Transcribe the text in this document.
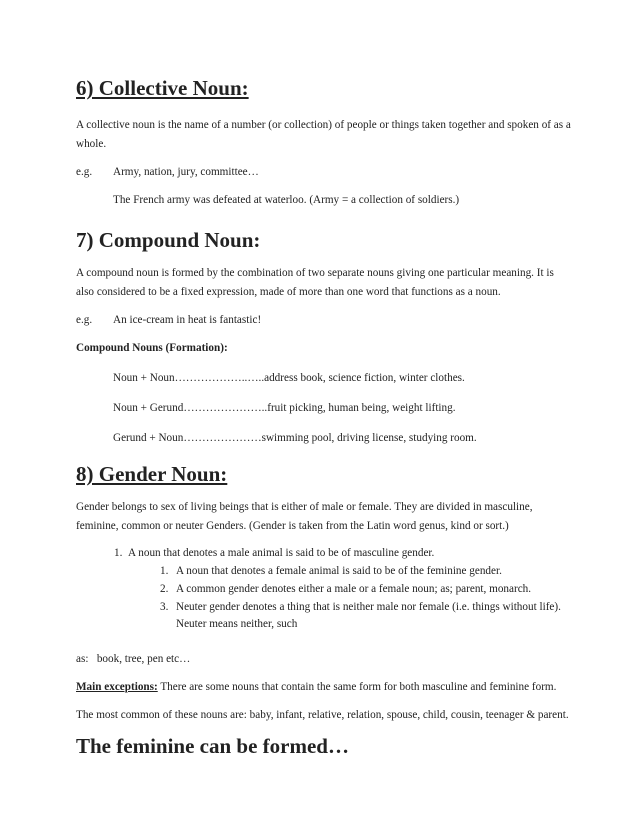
6) Collective Noun:
A collective noun is the name of a number (or collection) of people or things taken together and spoken of as a
whole.
e.g. Army, nation, jury, committee…
The French army was defeated at waterloo. (Army = a collection of soldiers.)
7) Compound Noun:
A compound noun is formed by the combination of two separate nouns giving one particular meaning. It is
also considered to be a fixed expression, made of more than one word that functions as a noun.
e.g. An ice-cream in heat is fantastic!
Compound Nouns (Formation):
Noun + Noun………………..…..address book, science fiction, winter clothes.
Noun + Gerund…………………..fruit picking, human being, weight lifting.
Gerund + Noun…………………swimming pool, driving license, studying room.
8) Gender Noun:
Gender belongs to sex of living beings that is either of male or female. They are divided in masculine,
feminine, common or neuter Genders. (Gender is taken from the Latin word genus, kind or sort.)
1. A noun that denotes a male animal is said to be of masculine gender.
1. A noun that denotes a female animal is said to be of the feminine gender.
2. A common gender denotes either a male or a female noun; as; parent, monarch.
3. Neuter gender denotes a thing that is neither male nor female (i.e. things without life).
Neuter means neither, such
as:   book, tree, pen etc…
Main exceptions: There are some nouns that contain the same form for both masculine and feminine form.
The most common of these nouns are: baby, infant, relative, relation, spouse, child, cousin, teenager & parent.
The feminine can be formed…
